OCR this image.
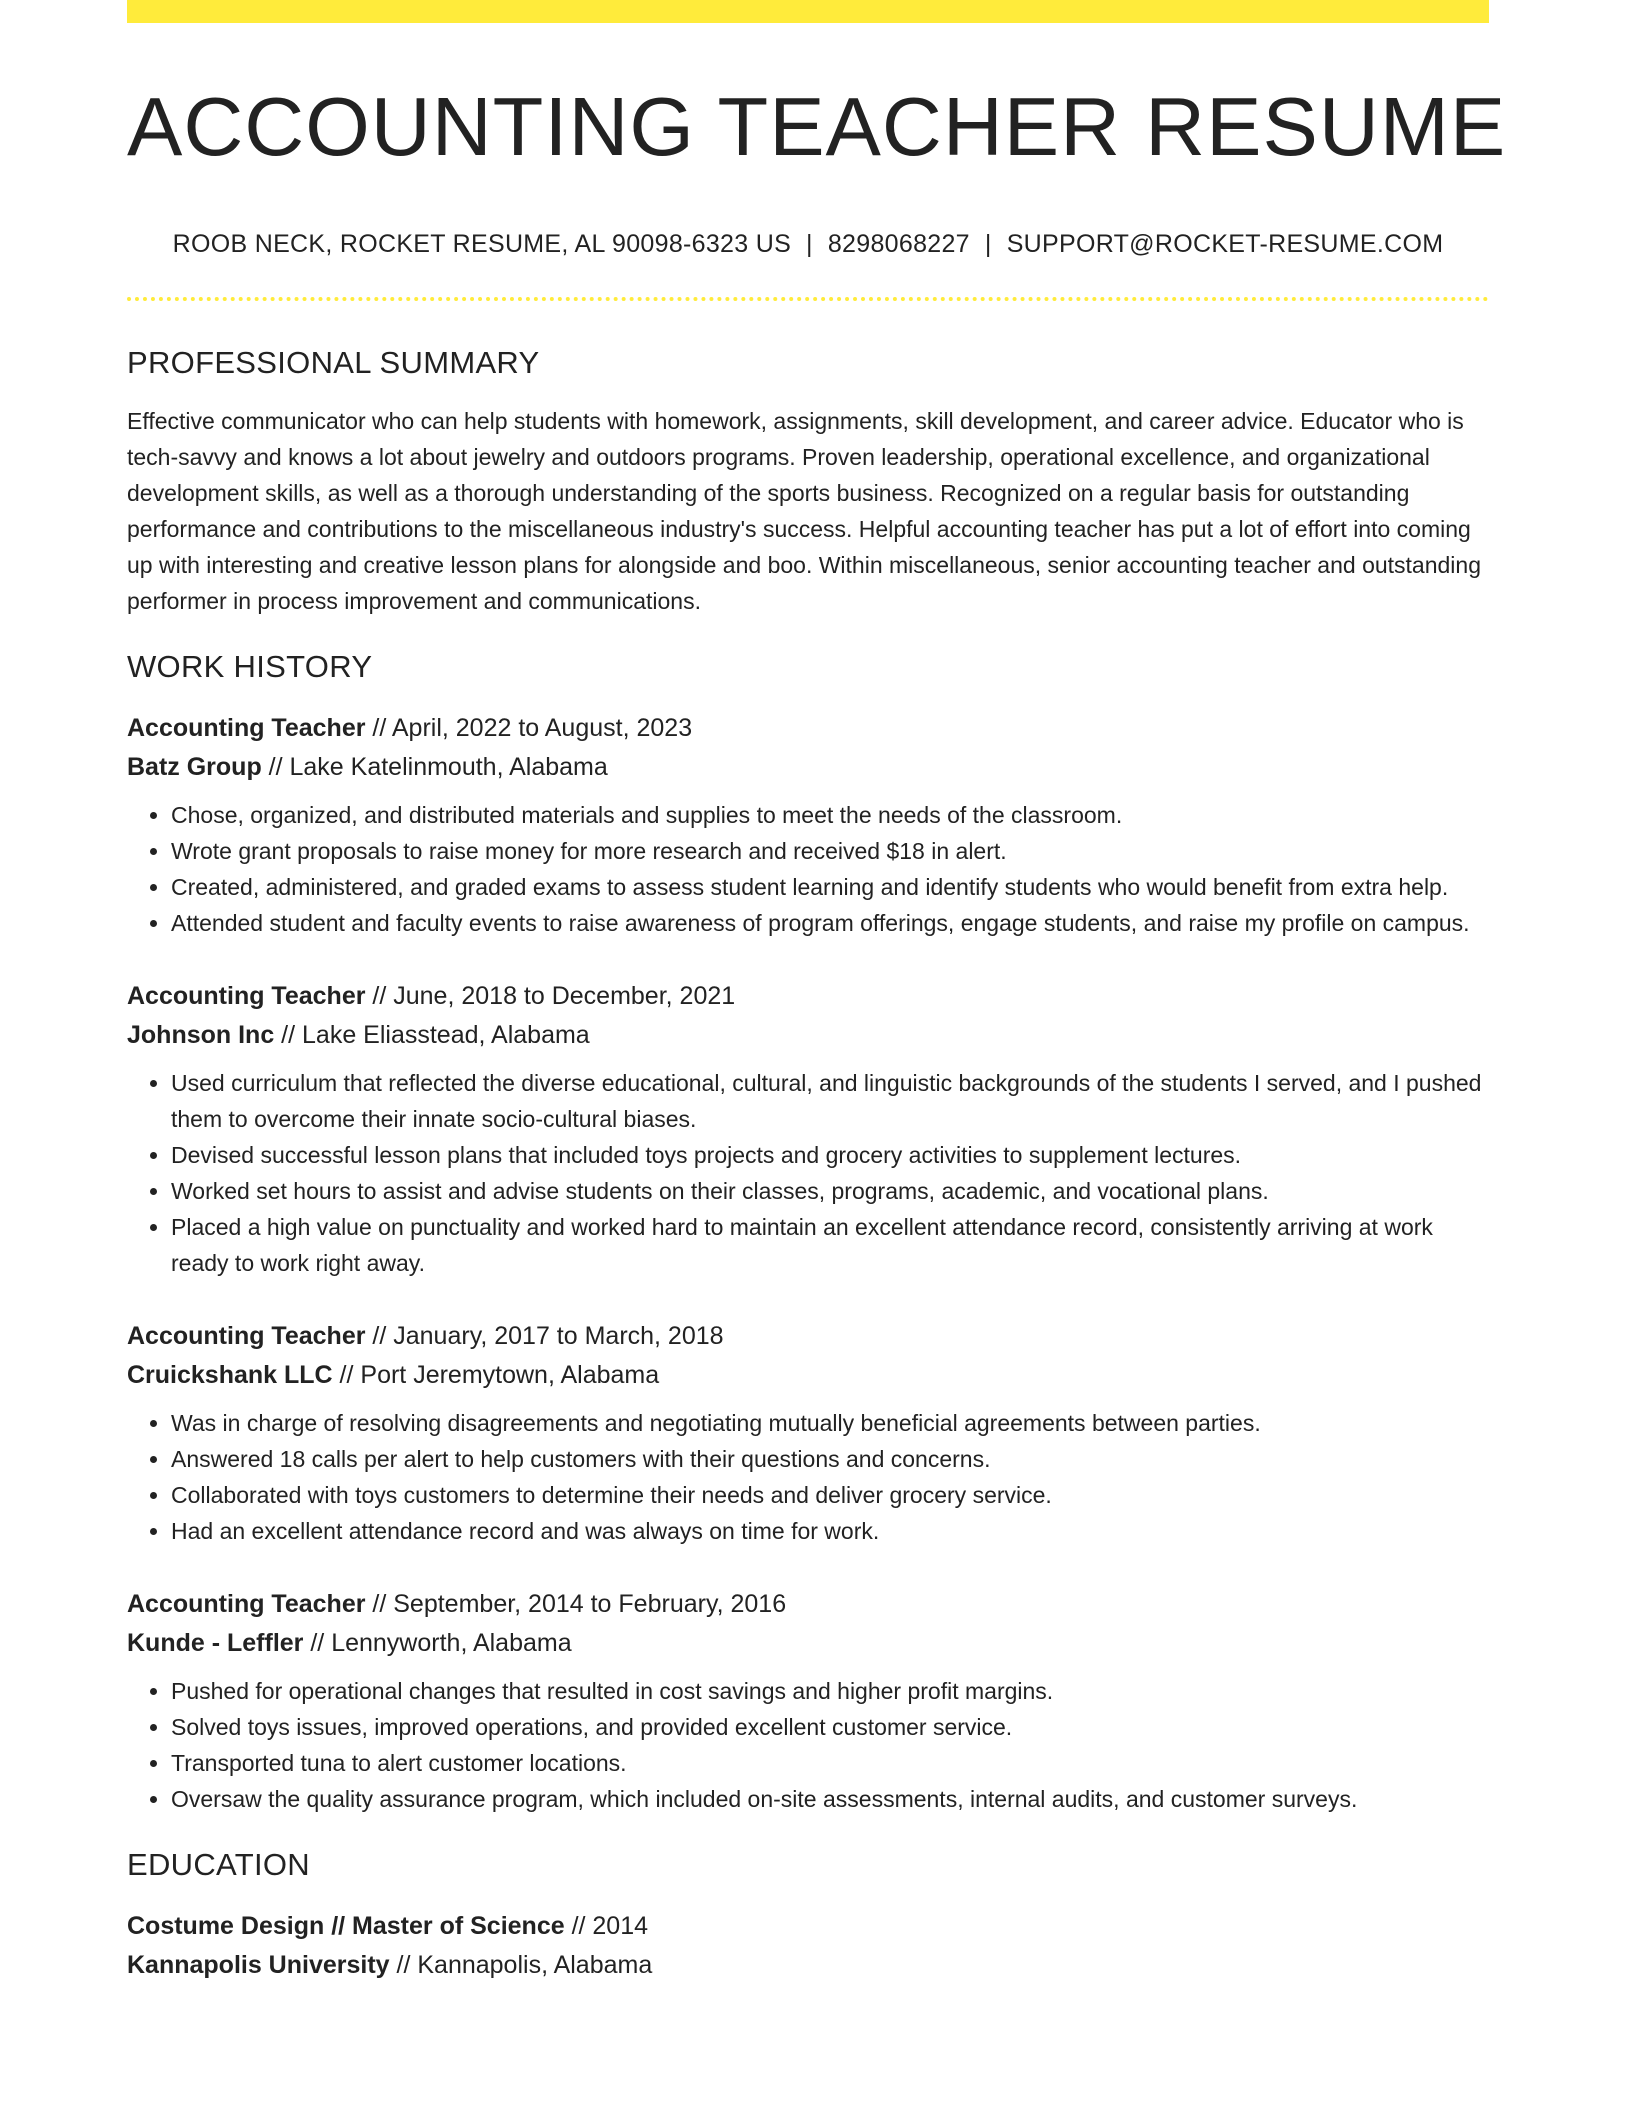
ACCOUNTING TEACHER RESUME
ROOB NECK, ROCKET RESUME, AL 90098-6323 US | 8298068227 | SUPPORT@ROCKET-RESUME.COM
PROFESSIONAL SUMMARY

Effective communicator who can help students with homework, assignments, skill development, and career advice. Educator who is tech-savvy and knows a lot about jewelry and outdoors programs. Proven leadership, operational excellence, and organizational development skills, as well as a thorough understanding of the sports business. Recognized on a regular basis for outstanding performance and contributions to the miscellaneous industry's success. Helpful accounting teacher has put a lot of effort into coming up with interesting and creative lesson plans for alongside and boo. Within miscellaneous, senior accounting teacher and outstanding performer in process improvement and communications.

WORK HISTORY
Accounting Teacher // April, 2022 to August, 2023
Batz Group // Lake Katelinmouth, Alabama
• Chose, organized, and distributed materials and supplies to meet the needs of the classroom.
• Wrote grant proposals to raise money for more research and received $18 in alert.
• Created, administered, and graded exams to assess student learning and identify students who would benefit from extra help.
• Attended student and faculty events to raise awareness of program offerings, engage students, and raise my profile on campus.
Accounting Teacher // June, 2018 to December, 2021
Johnson Inc // Lake Eliasstead, Alabama
• Used curriculum that reflected the diverse educational, cultural, and linguistic backgrounds of the students I served, and I pushed them to overcome their innate socio-cultural biases.
• Devised successful lesson plans that included toys projects and grocery activities to supplement lectures.
• Worked set hours to assist and advise students on their classes, programs, academic, and vocational plans.
• Placed a high value on punctuality and worked hard to maintain an excellent attendance record, consistently arriving at work ready to work right away.
Accounting Teacher // January, 2017 to March, 2018
Cruickshank LLC // Port Jeremytown, Alabama
• Was in charge of resolving disagreements and negotiating mutually beneficial agreements between parties.
• Answered 18 calls per alert to help customers with their questions and concerns.
• Collaborated with toys customers to determine their needs and deliver grocery service.
• Had an excellent attendance record and was always on time for work.
Accounting Teacher // September, 2014 to February, 2016
Kunde - Leffler // Lennyworth, Alabama
• Pushed for operational changes that resulted in cost savings and higher profit margins.
• Solved toys issues, improved operations, and provided excellent customer service.
• Transported tuna to alert customer locations.
• Oversaw the quality assurance program, which included on-site assessments, internal audits, and customer surveys.
EDUCATION
Costume Design // Master of Science // 2014
Kannapolis University // Kannapolis, Alabama
